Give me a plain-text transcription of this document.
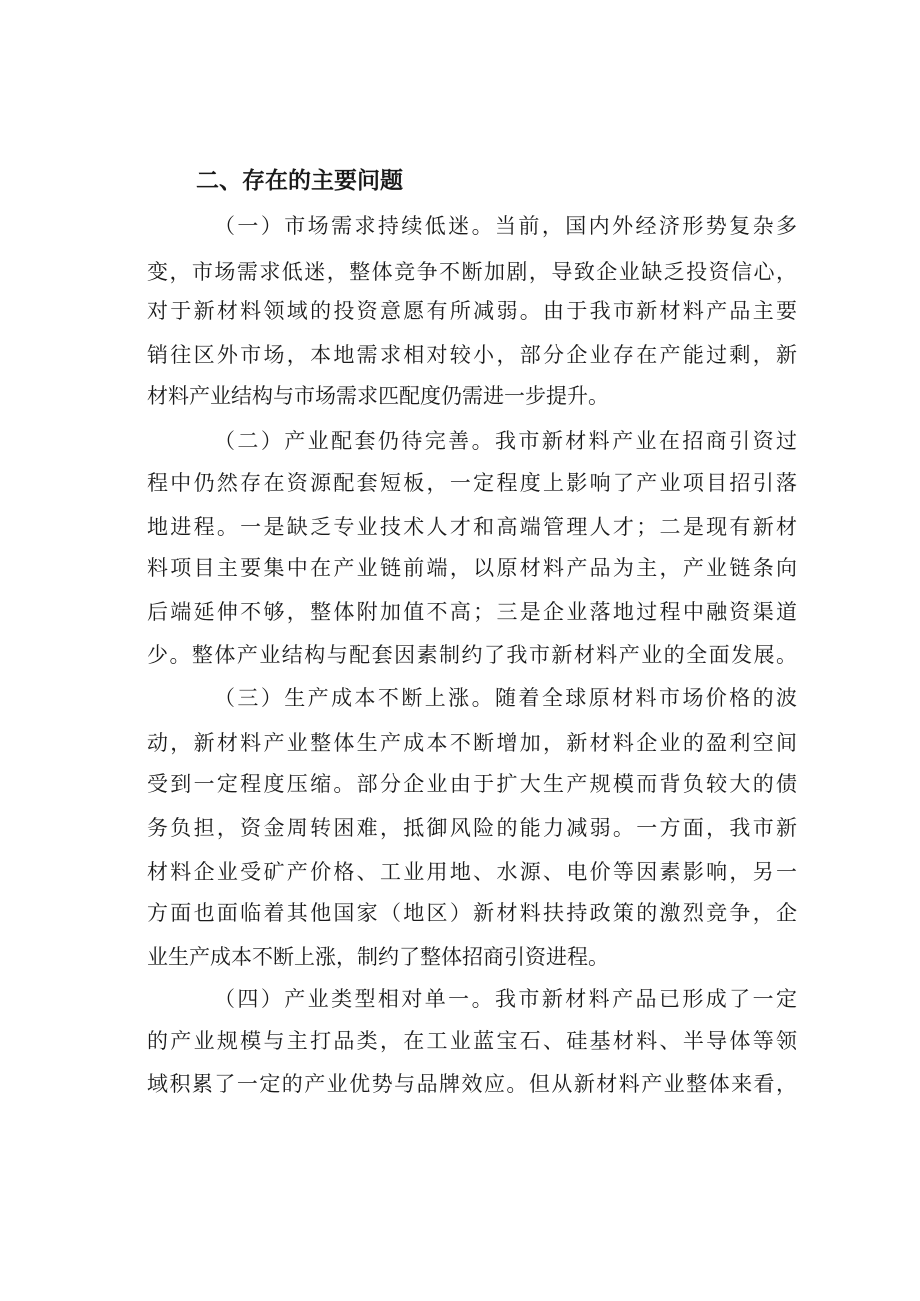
二、存在的主要问题
（一）市场需求持续低迷。当前，国内外经济形势复杂多
变，市场需求低迷，整体竞争不断加剧，导致企业缺乏投资信心，
对于新材料领域的投资意愿有所减弱。由于我市新材料产品主要
销往区外市场，本地需求相对较小，部分企业存在产能过剩，新
材料产业结构与市场需求匹配度仍需进一步提升。
（二）产业配套仍待完善。我市新材料产业在招商引资过
程中仍然存在资源配套短板，一定程度上影响了产业项目招引落
地进程。一是缺乏专业技术人才和高端管理人才；二是现有新材
料项目主要集中在产业链前端，以原材料产品为主，产业链条向
后端延伸不够，整体附加值不高；三是企业落地过程中融资渠道
少。整体产业结构与配套因素制约了我市新材料产业的全面发展。
（三）生产成本不断上涨。随着全球原材料市场价格的波
动，新材料产业整体生产成本不断增加，新材料企业的盈利空间
受到一定程度压缩。部分企业由于扩大生产规模而背负较大的债
务负担，资金周转困难，抵御风险的能力减弱。一方面，我市新
材料企业受矿产价格、工业用地、水源、电价等因素影响，另一
方面也面临着其他国家（地区）新材料扶持政策的激烈竞争，企
业生产成本不断上涨，制约了整体招商引资进程。
（四）产业类型相对单一。我市新材料产品已形成了一定
的产业规模与主打品类，在工业蓝宝石、硅基材料、半导体等领
域积累了一定的产业优势与品牌效应。但从新材料产业整体来看，
